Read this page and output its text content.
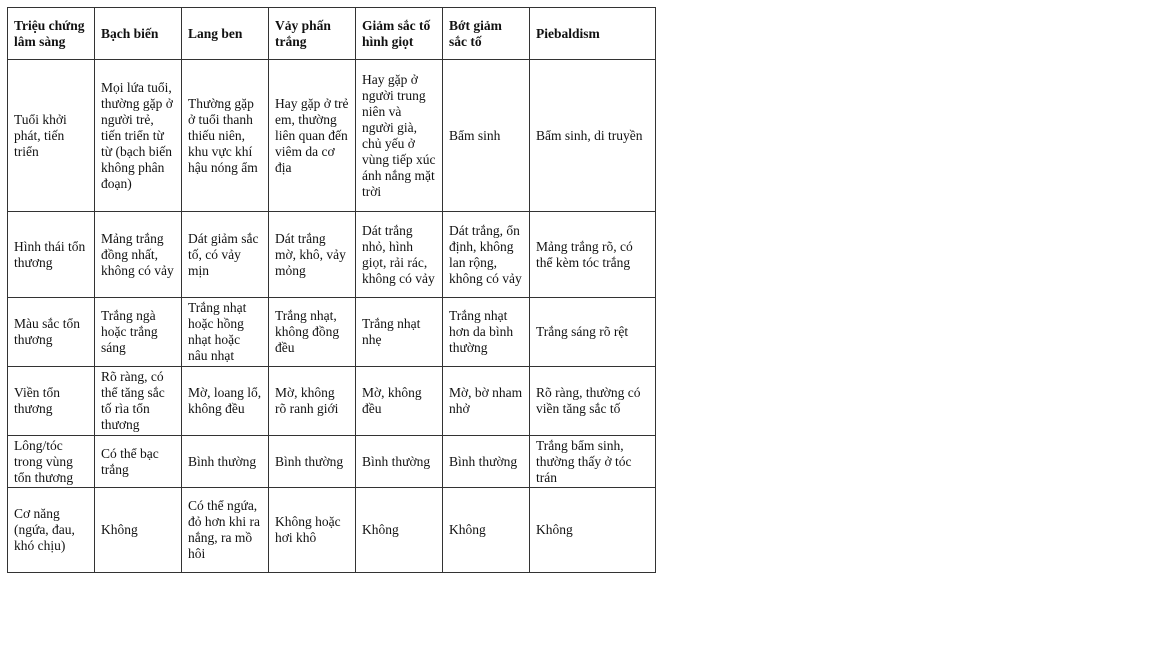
Triệu chứng lâm sàng	Bạch biến	Lang ben	Vảy phấn trắng	Giảm sắc tố hình giọt	Bớt giảm sắc tố	Piebaldism
Tuổi khởi phát, tiến triển	Mọi lứa tuổi, thường gặp ở người trẻ, tiến triển từ từ (bạch biến không phân đoạn)	Thường gặp ở tuổi thanh thiếu niên, khu vực khí hậu nóng ẩm	Hay gặp ở trẻ em, thường liên quan đến viêm da cơ địa	Hay gặp ở người trung niên và người già, chủ yếu ở vùng tiếp xúc ánh nắng mặt trời	Bẩm sinh	Bẩm sinh, di truyền
Hình thái tổn thương	Mảng trắng đồng nhất, không có vảy	Dát giảm sắc tố, có vảy mịn	Dát trắng mờ, khô, vảy mỏng	Dát trắng nhỏ, hình giọt, rải rác, không có vảy	Dát trắng, ổn định, không lan rộng, không có vảy	Mảng trắng rõ, có thể kèm tóc trắng
Màu sắc tổn thương	Trắng ngà hoặc trắng sáng	Trắng nhạt hoặc hồng nhạt hoặc nâu nhạt	Trắng nhạt, không đồng đều	Trắng nhạt nhẹ	Trắng nhạt hơn da bình thường	Trắng sáng rõ rệt
Viền tổn thương	Rõ ràng, có thể tăng sắc tố rìa tổn thương	Mờ, loang lổ, không đều	Mờ, không rõ ranh giới	Mờ, không đều	Mờ, bờ nham nhở	Rõ ràng, thường có viền tăng sắc tố
Lông/tóc trong vùng tổn thương	Có thể bạc trắng	Bình thường	Bình thường	Bình thường	Bình thường	Trắng bẩm sinh, thường thấy ở tóc trán
Cơ năng (ngứa, đau, khó chịu)	Không	Có thể ngứa, đỏ hơn khi ra nắng, ra mồ hôi	Không hoặc hơi khô	Không	Không	Không
